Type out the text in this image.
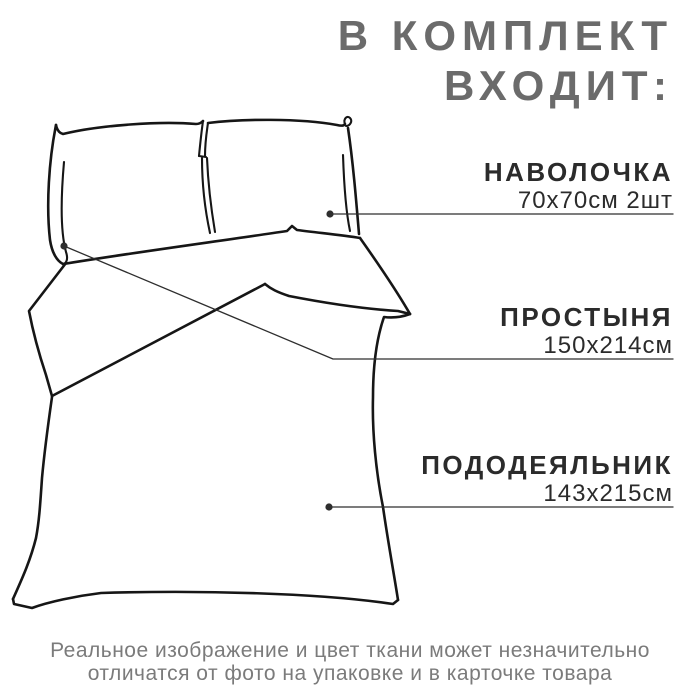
В КОМПЛЕКТ
ВХОДИТ:
НАВОЛОЧКА
70х70см 2шт
ПРОСТЫНЯ
150х214см
ПОДОДЕЯЛЬНИК
143х215см
Реальное изображение и цвет ткани может незначительно
отличатся от фото на упаковке и в карточке товара
